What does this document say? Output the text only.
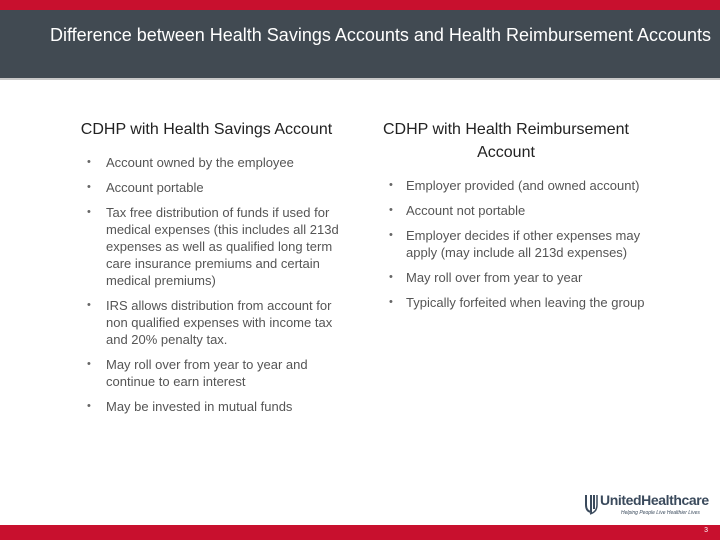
Difference between Health Savings Accounts and Health Reimbursement Accounts
CDHP with Health Savings Account
• Account owned by the employee
• Account portable
• Tax free distribution of funds if used for medical expenses (this includes all 213d expenses as well as qualified long term care insurance premiums and certain medical premiums)
• IRS allows distribution from account for non qualified expenses with income tax and 20% penalty tax.
• May roll over from year to year and continue to earn interest
• May be invested in mutual funds
CDHP with Health Reimbursement Account
• Employer provided (and owned account)
• Account not portable
• Employer decides if other expenses may apply (may include all 213d expenses)
• May roll over from year to year
• Typically forfeited when leaving the group
UnitedHealthcare
Helping People Live Healthier Lives
3
